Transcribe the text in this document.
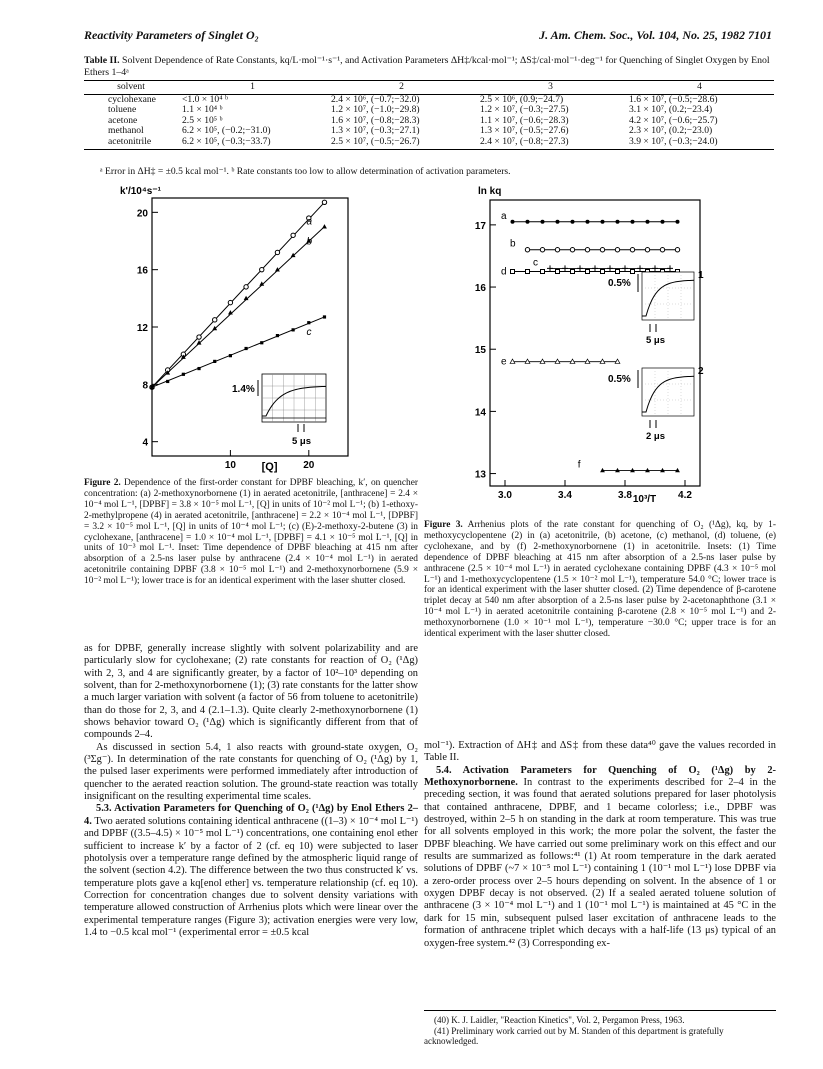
Reactivity Parameters of Singlet O₂	J. Am. Chem. Soc., Vol. 104, No. 25, 1982 7101
Table II. Solvent Dependence of Rate Constants, kq/L·mol⁻¹·s⁻¹, and Activation Parameters ΔH‡/kcal·mol⁻¹; ΔS‡/cal·mol⁻¹·deg⁻¹ for Quenching of Singlet Oxygen by Enol Ethers 1–4ᵃ
solvent	1	2	3	4
cyclohexane	<1.0 × 10⁴ ᵇ	2.4 × 10⁶, (−0.7;−32.0)	2.5 × 10⁶, (0.9;−24.7)	1.6 × 10⁷, (−0.5;−28.6)
toluene	1.1 × 10⁴ ᵇ	1.2 × 10⁷, (−1.0;−29.8)	1.2 × 10⁷, (−0.3;−27.5)	3.1 × 10⁷, (0.2;−23.4)
acetone	2.5 × 10⁵ ᵇ	1.6 × 10⁷, (−0.8;−28.3)	1.1 × 10⁷, (−0.6;−28.3)	4.2 × 10⁷, (−0.6;−25.7)
methanol	6.2 × 10⁵, (−0.2;−31.0)	1.3 × 10⁷, (−0.3;−27.1)	1.3 × 10⁷, (−0.5;−27.6)	2.3 × 10⁷, (0.2;−23.0)
acetonitrile	6.2 × 10⁵, (−0.3;−33.7)	2.5 × 10⁷, (−0.5;−26.7)	2.4 × 10⁷, (−0.8;−27.3)	3.9 × 10⁷, (−0.3;−24.0)
ᵃ Error in ΔH‡ = ±0.5 kcal mol⁻¹. ᵇ Rate constants too low to allow determination of activation parameters.
k'/10⁴s⁻¹
20
16
12
8
4
10	20
[Q]
a
b
c
1.4%
5 μs
Figure 2. Dependence of the first-order constant for DPBF bleaching, k′, on quencher concentration: (a) 2-methoxynorbornene (1) in aerated acetonitrile, [anthracene] = 2.4 × 10⁻⁴ mol L⁻¹, [DPBF] = 3.8 × 10⁻⁵ mol L⁻¹, [Q] in units of 10⁻² mol L⁻¹; (b) 1-ethoxy-2-methylpropene (4) in aerated acetonitrile, [anthracene] = 2.2 × 10⁻⁴ mol L⁻¹, [DPBF] = 3.2 × 10⁻⁵ mol L⁻¹, [Q] in units of 10⁻⁴ mol L⁻¹; (c) (E)-2-methoxy-2-butene (3) in cyclohexane, [anthracene] = 1.0 × 10⁻⁴ mol L⁻¹, [DPBF] = 4.1 × 10⁻⁵ mol L⁻¹, [Q] in units of 10⁻³ mol L⁻¹. Inset: Time dependence of DPBF bleaching at 415 nm after absorption of a 2.5-ns laser pulse by anthracene (2.4 × 10⁻⁴ mol L⁻¹) in aerated acetonitrile containing DPBF (3.8 × 10⁻⁵ mol L⁻¹) and 2-methoxynorbornene (5.9 × 10⁻² mol L⁻¹); lower trace is for an identical experiment with the laser shutter closed.

as for DPBF, generally increase slightly with solvent polarizability and are particularly slow for cyclohexane; (2) rate constants for reaction of O₂ (¹Δg) with 2, 3, and 4 are significantly greater, by a factor of 10²–10³ depending on solvent, than for 2-methoxynorbornene (1); (3) rate constants for the latter show a much larger variation with solvent (a factor of 56 from toluene to acetonitrile) than do those for 2, 3, and 4 (2.1–1.3). Quite clearly 2-methoxynorbornene (1) shows behavior toward O₂ (¹Δg) which is significantly different from that of compounds 2–4.

As discussed in section 5.4, 1 also reacts with ground-state oxygen, O₂ (³Σg⁻). In determination of the rate constants for quenching of O₂ (¹Δg) by 1, the pulsed laser experiments were performed immediately after introduction of quencher to the aerated reaction solution. The ground-state reaction was totally insignificant on the resulting experimental time scales.

5.3. Activation Parameters for Quenching of O₂ (¹Δg) by Enol Ethers 2–4. Two aerated solutions containing identical anthracene ((1–3) × 10⁻⁴ mol L⁻¹) and DPBF ((3.5–4.5) × 10⁻⁵ mol L⁻¹) concentrations, one containing enol ether sufficient to increase k′ by a factor of 2 (cf. eq 10) were subjected to laser photolysis over a temperature range defined by the atmospheric liquid range of the solvent (section 4.2). The difference between the two thus constructed k′ vs. temperature plots gave a kq[enol ether] vs. temperature relationship (cf. eq 10). Correction for concentration changes due to solvent density variations with temperature allowed construction of Arrhenius plots which were linear over the experimental temperature ranges (Figure 3); activation energies were very low, 1.4 to −0.5 kcal mol⁻¹ (experimental error = ±0.5 kcal

ln kq
17
16
15
14
13
3.0	3.4	3.8	4.2
10³/T
a
b
c
d
e
f
0.5%
5 μs
1
0.5%
2 μs
2
Figure 3. Arrhenius plots of the rate constant for quenching of O₂ (¹Δg), kq, by 1-methoxycyclopentene (2) in (a) acetonitrile, (b) acetone, (c) methanol, (d) toluene, (e) cyclohexane, and by (f) 2-methoxynorbornene (1) in acetonitrile. Insets: (1) Time dependence of DPBF bleaching at 415 nm after absorption of a 2.5-ns laser pulse by anthracene (2.5 × 10⁻⁴ mol L⁻¹) in aerated cyclohexane containing DPBF (4.3 × 10⁻⁵ mol L⁻¹) and 1-methoxycyclopentene (1.5 × 10⁻² mol L⁻¹), temperature 54.0 °C; lower trace is for an identical experiment with the laser shutter closed. (2) Time dependence of β-carotene triplet decay at 540 nm after absorption of a 2.5-ns laser pulse by 2-acetonaphthone (3.1 × 10⁻⁴ mol L⁻¹) in aerated acetonitrile containing β-carotene (2.8 × 10⁻⁵ mol L⁻¹) and 2-methoxynorbornene (1.0 × 10⁻¹ mol L⁻¹), temperature −30.0 °C; upper trace is for an identical experiment with the laser shutter closed.

mol⁻¹). Extraction of ΔH‡ and ΔS‡ from these data⁴⁰ gave the values recorded in Table II.

5.4. Activation Parameters for Quenching of O₂ (¹Δg) by 2-Methoxynorbornene. In contrast to the experiments described for 2–4 in the preceding section, it was found that aerated solutions prepared for laser photolysis that contained anthracene, DPBF, and 1 became colorless; i.e., DPBF was destroyed, within 2–5 h on standing in the dark at room temperature. This was true for all solvents employed in this work; the more polar the solvent, the faster the DPBF bleaching. We have carried out some preliminary work on this effect and our results are summarized as follows:⁴¹ (1) At room temperature in the dark aerated solutions of DPBF (~7 × 10⁻⁵ mol L⁻¹) containing 1 (10⁻¹ mol L⁻¹) lose DPBF via a zero-order process over 2–5 hours depending on solvent. In the absence of 1 or oxygen DPBF decay is not observed. (2) If a sealed aerated toluene solution of anthracene (3 × 10⁻⁴ mol L⁻¹) and 1 (10⁻¹ mol L⁻¹) is maintained at 45 °C in the dark for 15 min, subsequent pulsed laser excitation of anthracene leads to the formation of anthracene triplet which decays with a half-life (13 μs) typical of an oxygen-free system.⁴² (3) Corresponding ex-

(40) K. J. Laidler, "Reaction Kinetics", Vol. 2, Pergamon Press, 1963.

(41) Preliminary work carried out by M. Standen of this department is gratefully acknowledged.
